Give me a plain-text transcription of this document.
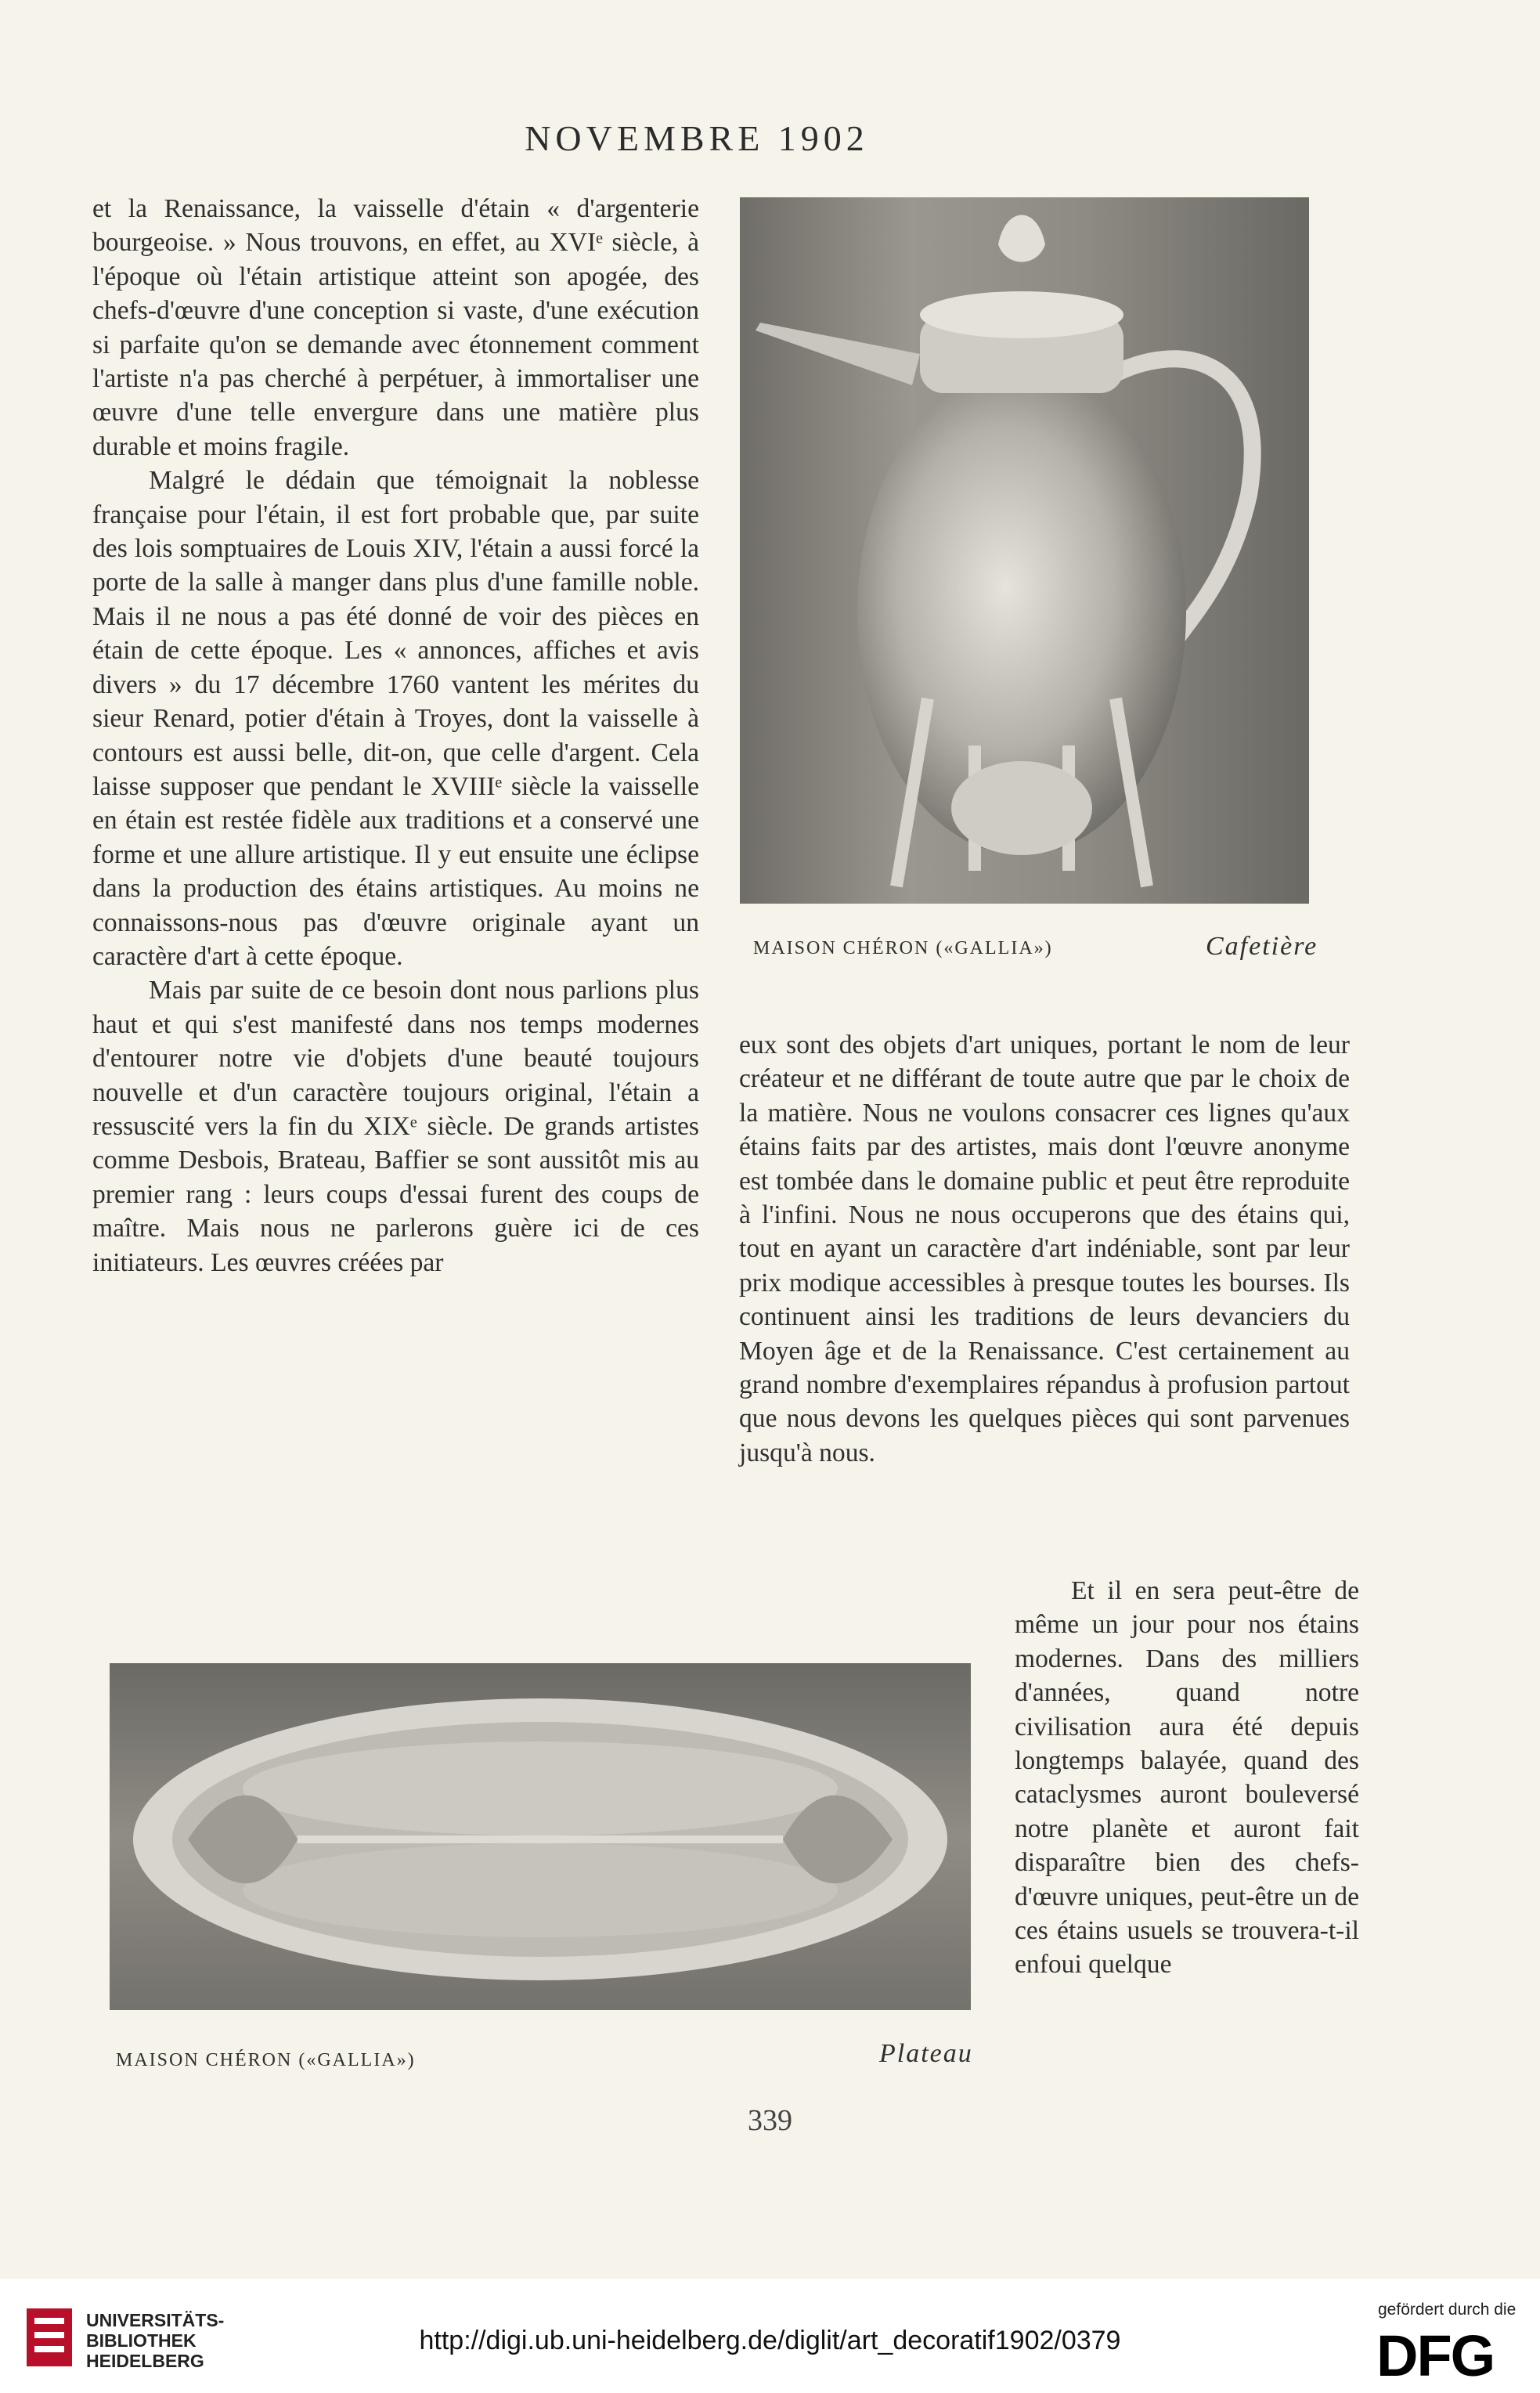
NOVEMBRE 1902

et la Renaissance, la vaisselle d'étain « d'argenterie bourgeoise. » Nous trouvons, en effet, au XVIᵉ siècle, à l'époque où l'étain artistique atteint son apogée, des chefs-d'œuvre d'une conception si vaste, d'une exécution si parfaite qu'on se demande avec étonnement comment l'artiste n'a pas cherché à perpétuer, à immortaliser une œuvre d'une telle envergure dans une matière plus durable et moins fragile.

Malgré le dédain que témoignait la noblesse française pour l'étain, il est fort probable que, par suite des lois somptuaires de Louis XIV, l'étain a aussi forcé la porte de la salle à manger dans plus d'une famille noble. Mais il ne nous a pas été donné de voir des pièces en étain de cette époque. Les « annonces, affiches et avis divers » du 17 décembre 1760 vantent les mérites du sieur Renard, potier d'étain à Troyes, dont la vaisselle à contours est aussi belle, dit-on, que celle d'argent. Cela laisse supposer que pendant le XVIIIᵉ siècle la vaisselle en étain est restée fidèle aux traditions et a conservé une forme et une allure artistique. Il y eut ensuite une éclipse dans la production des étains artistiques. Au moins ne connaissons-nous pas d'œuvre originale ayant un caractère d'art à cette époque.

Mais par suite de ce besoin dont nous parlions plus haut et qui s'est manifesté dans nos temps modernes d'entourer notre vie d'objets d'une beauté toujours nouvelle et d'un caractère toujours original, l'étain a ressuscité vers la fin du XIXᵉ siècle. De grands artistes comme Desbois, Brateau, Baffier se sont aussitôt mis au premier rang : leurs coups d'essai furent des coups de maître. Mais nous ne parlerons guère ici de ces initiateurs. Les œuvres créées par

MAISON CHÉRON («GALLIA»)	Cafetière

eux sont des objets d'art uniques, portant le nom de leur créateur et ne différant de toute autre que par le choix de la matière. Nous ne voulons consacrer ces lignes qu'aux étains faits par des artistes, mais dont l'œuvre anonyme est tombée dans le domaine public et peut être reproduite à l'infini. Nous ne nous occuperons que des étains qui, tout en ayant un caractère d'art indéniable, sont par leur prix modique accessibles à presque toutes les bourses. Ils continuent ainsi les traditions de leurs devanciers du Moyen âge et de la Renaissance. C'est certainement au grand nombre d'exemplaires répandus à profusion partout que nous devons les quelques pièces qui sont parvenues jusqu'à nous.

Et il en sera peut-être de même un jour pour nos étains modernes. Dans des milliers d'années, quand notre civilisation aura été depuis longtemps balayée, quand des cataclysmes auront bouleversé notre planète et auront fait disparaître bien des chefs-d'œuvre uniques, peut-être un de ces étains usuels se trouvera-t-il enfoui quelque

MAISON CHÉRON («GALLIA»)	Plateau
339
UNIVERSITÄTS-
BIBLIOTHEK
HEIDELBERG
http://digi.ub.uni-heidelberg.de/diglit/art_decoratif1902/0379
gefördert durch die
DFG
